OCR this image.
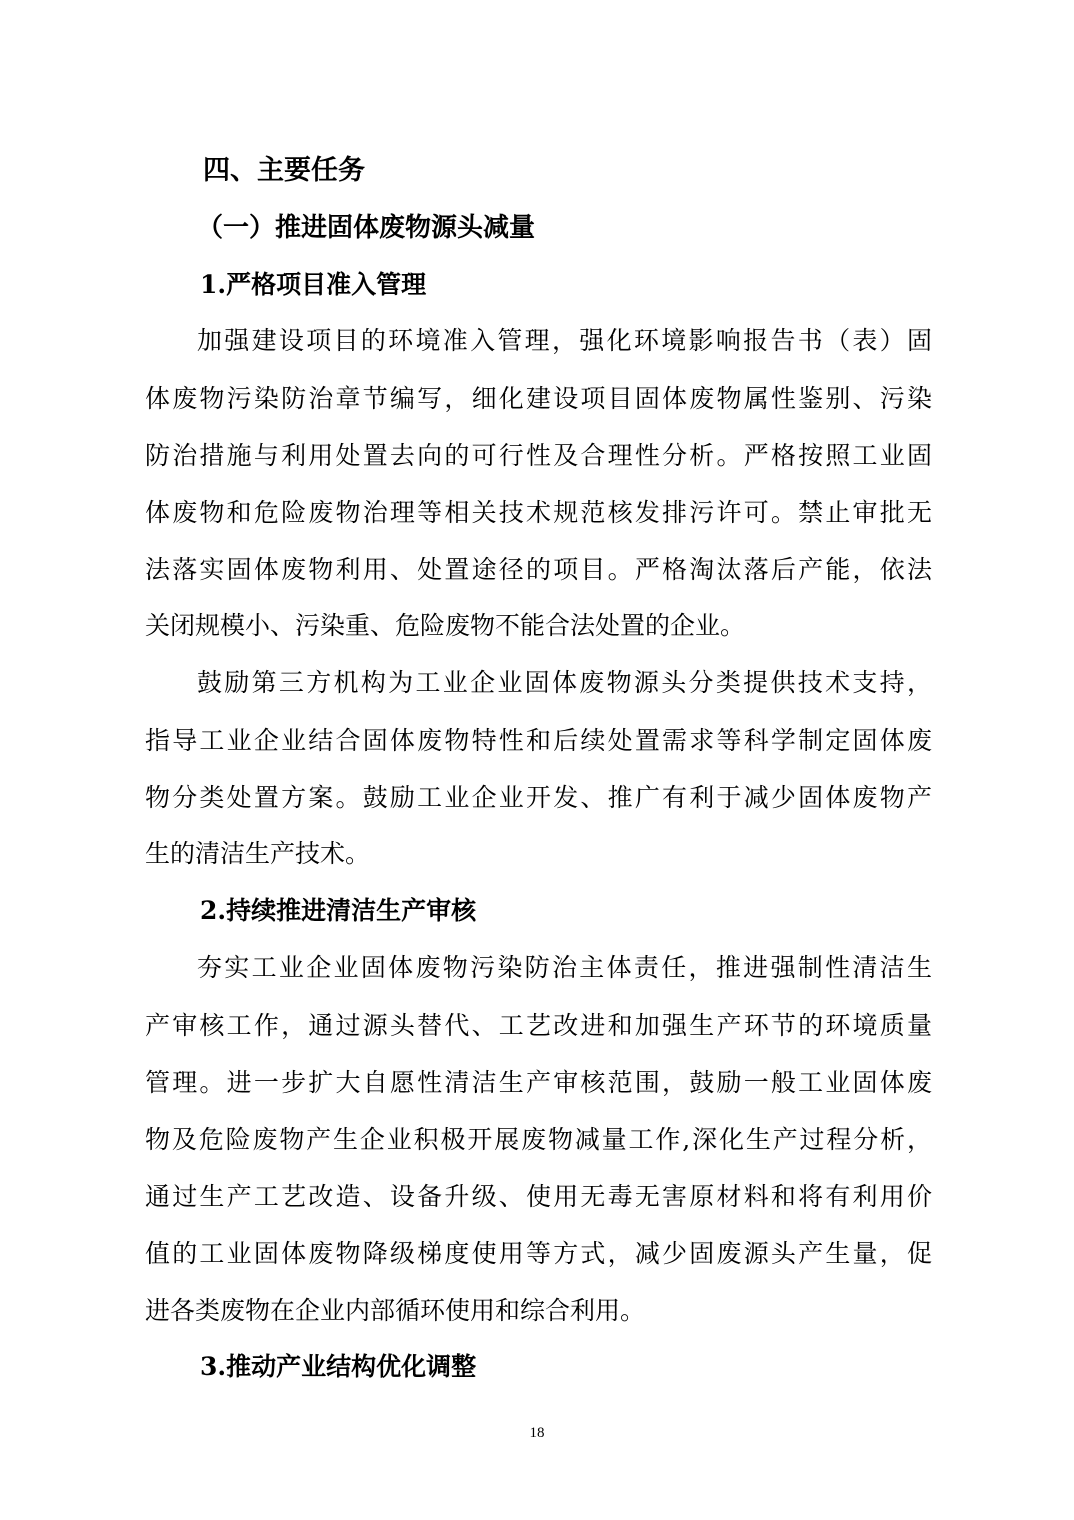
四、主要任务
（一）推进固体废物源头减量
1.严格项目准入管理
加强建设项目的环境准入管理，强化环境影响报告书（表）固
体废物污染防治章节编写，细化建设项目固体废物属性鉴别、污染
防治措施与利用处置去向的可行性及合理性分析。严格按照工业固
体废物和危险废物治理等相关技术规范核发排污许可。禁止审批无
法落实固体废物利用、处置途径的项目。严格淘汰落后产能，依法
关闭规模小、污染重、危险废物不能合法处置的企业。
鼓励第三方机构为工业企业固体废物源头分类提供技术支持，
指导工业企业结合固体废物特性和后续处置需求等科学制定固体废
物分类处置方案。鼓励工业企业开发、推广有利于减少固体废物产
生的清洁生产技术。
2.持续推进清洁生产审核
夯实工业企业固体废物污染防治主体责任，推进强制性清洁生
产审核工作，通过源头替代、工艺改进和加强生产环节的环境质量
管理。进一步扩大自愿性清洁生产审核范围，鼓励一般工业固体废
物及危险废物产生企业积极开展废物减量工作,深化生产过程分析，
通过生产工艺改造、设备升级、使用无毒无害原材料和将有利用价
值的工业固体废物降级梯度使用等方式，减少固废源头产生量，促
进各类废物在企业内部循环使用和综合利用。
3.推动产业结构优化调整
18
